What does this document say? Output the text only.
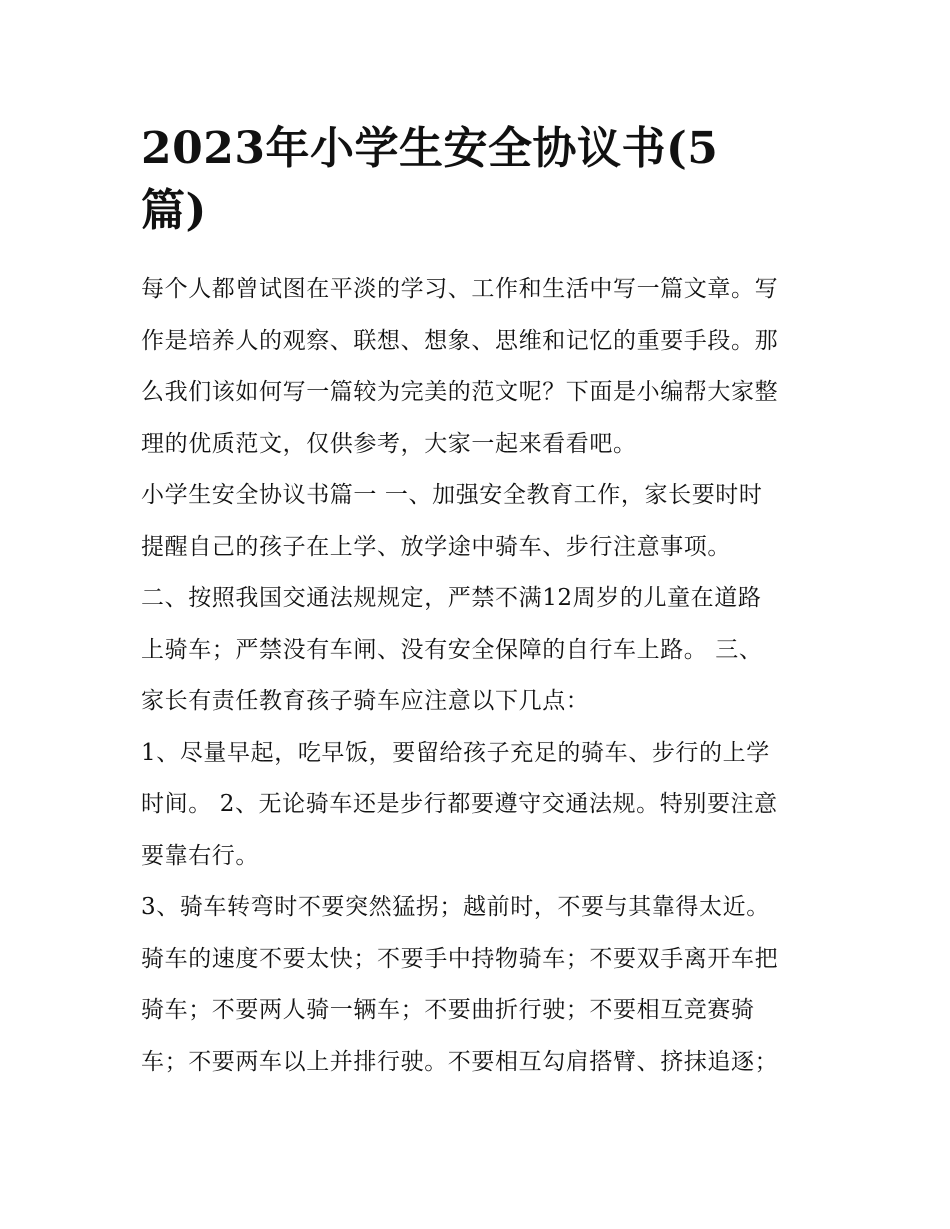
2023年小学生安全协议书(5
篇)

每个人都曾试图在平淡的学习、工作和生活中写一篇文章。写
作是培养人的观察、联想、想象、思维和记忆的重要手段。那
么我们该如何写一篇较为完美的范文呢？下面是小编帮大家整
理的优质范文，仅供参考，大家一起来看看吧。

小学生安全协议书篇一 一、加强安全教育工作，家长要时时
提醒自己的孩子在上学、放学途中骑车、步行注意事项。

二、按照我国交通法规规定，严禁不满12周岁的儿童在道路
上骑车；严禁没有车闸、没有安全保障的自行车上路。 三、
家长有责任教育孩子骑车应注意以下几点：

1、尽量早起，吃早饭，要留给孩子充足的骑车、步行的上学
时间。 2、无论骑车还是步行都要遵守交通法规。特别要注意
要靠右行。

3、骑车转弯时不要突然猛拐；越前时，不要与其靠得太近。
骑车的速度不要太快；不要手中持物骑车；不要双手离开车把
骑车；不要两人骑一辆车；不要曲折行驶；不要相互竞赛骑
车；不要两车以上并排行驶。不要相互勾肩搭臂、挤抹追逐；
